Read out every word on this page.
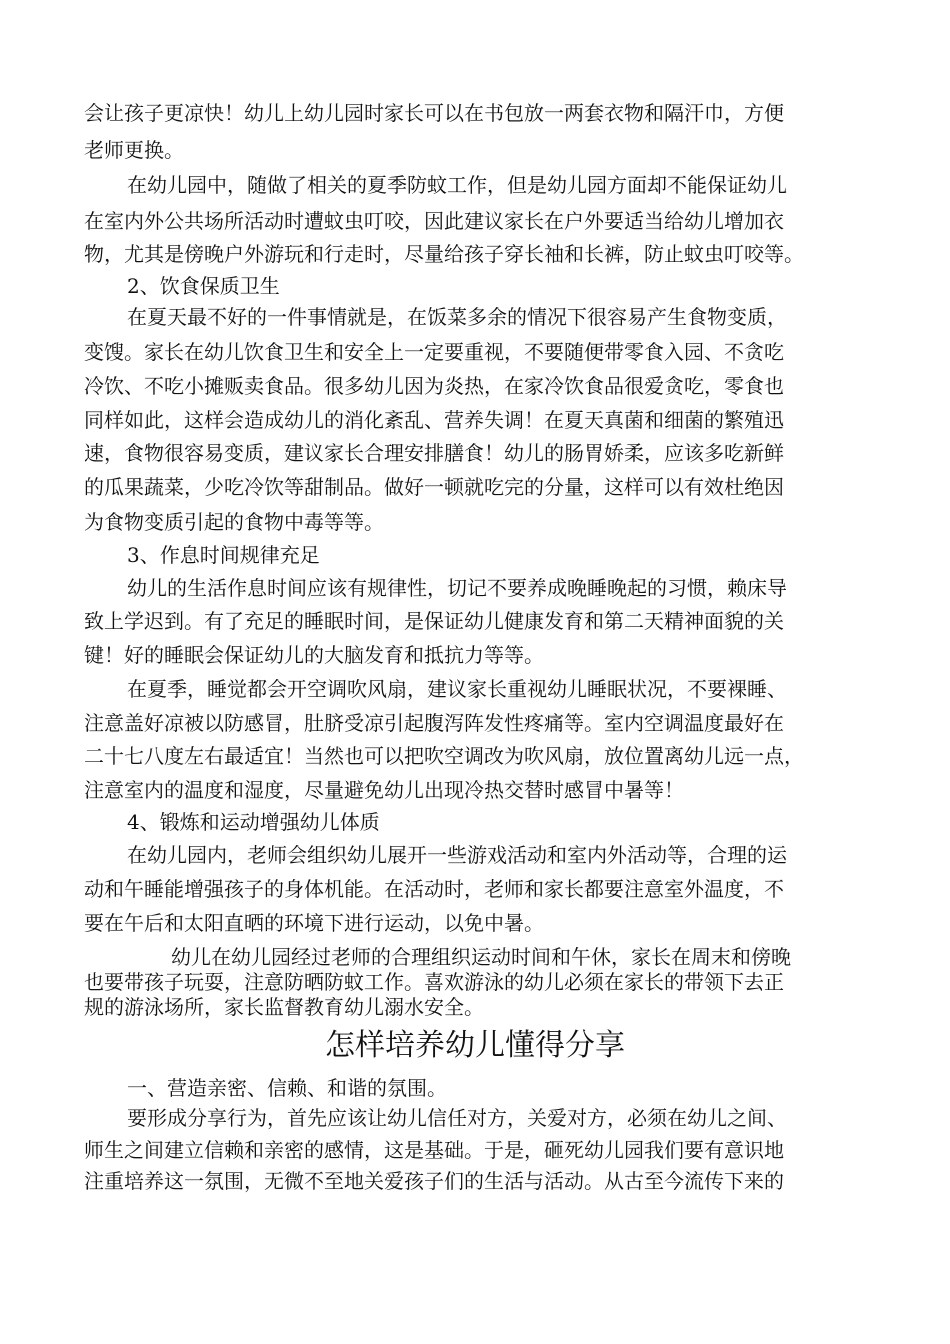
会让孩子更凉快！幼儿上幼儿园时家长可以在书包放一两套衣物和隔汗巾，方便
老师更换。
在幼儿园中，随做了相关的夏季防蚊工作，但是幼儿园方面却不能保证幼儿
在室内外公共场所活动时遭蚊虫叮咬，因此建议家长在户外要适当给幼儿增加衣
物，尤其是傍晚户外游玩和行走时，尽量给孩子穿长袖和长裤，防止蚊虫叮咬等。
2、饮食保质卫生
在夏天最不好的一件事情就是，在饭菜多余的情况下很容易产生食物变质，
变馊。家长在幼儿饮食卫生和安全上一定要重视，不要随便带零食入园、不贪吃
冷饮、不吃小摊贩卖食品。很多幼儿因为炎热，在家冷饮食品很爱贪吃，零食也
同样如此，这样会造成幼儿的消化紊乱、营养失调！在夏天真菌和细菌的繁殖迅
速，食物很容易变质，建议家长合理安排膳食！幼儿的肠胃娇柔，应该多吃新鲜
的瓜果蔬菜，少吃冷饮等甜制品。做好一顿就吃完的分量，这样可以有效杜绝因
为食物变质引起的食物中毒等等。
3、作息时间规律充足
幼儿的生活作息时间应该有规律性，切记不要养成晚睡晚起的习惯，赖床导
致上学迟到。有了充足的睡眠时间，是保证幼儿健康发育和第二天精神面貌的关
键！好的睡眠会保证幼儿的大脑发育和抵抗力等等。
在夏季，睡觉都会开空调吹风扇，建议家长重视幼儿睡眠状况，不要裸睡、
注意盖好凉被以防感冒，肚脐受凉引起腹泻阵发性疼痛等。室内空调温度最好在
二十七八度左右最适宜！当然也可以把吹空调改为吹风扇，放位置离幼儿远一点，
注意室内的温度和湿度，尽量避免幼儿出现冷热交替时感冒中暑等！
4、锻炼和运动增强幼儿体质
在幼儿园内，老师会组织幼儿展开一些游戏活动和室内外活动等，合理的运
动和午睡能增强孩子的身体机能。在活动时，老师和家长都要注意室外温度，不
要在午后和太阳直晒的环境下进行运动，以免中暑。
幼儿在幼儿园经过老师的合理组织运动时间和午休，家长在周末和傍晚
也要带孩子玩耍，注意防晒防蚊工作。喜欢游泳的幼儿必须在家长的带领下去正
规的游泳场所，家长监督教育幼儿溺水安全。
怎样培养幼儿懂得分享
一、营造亲密、信赖、和谐的氛围。
要形成分享行为，首先应该让幼儿信任对方，关爱对方，必须在幼儿之间、
师生之间建立信赖和亲密的感情，这是基础。于是，砸死幼儿园我们要有意识地
注重培养这一氛围，无微不至地关爱孩子们的生活与活动。从古至今流传下来的
